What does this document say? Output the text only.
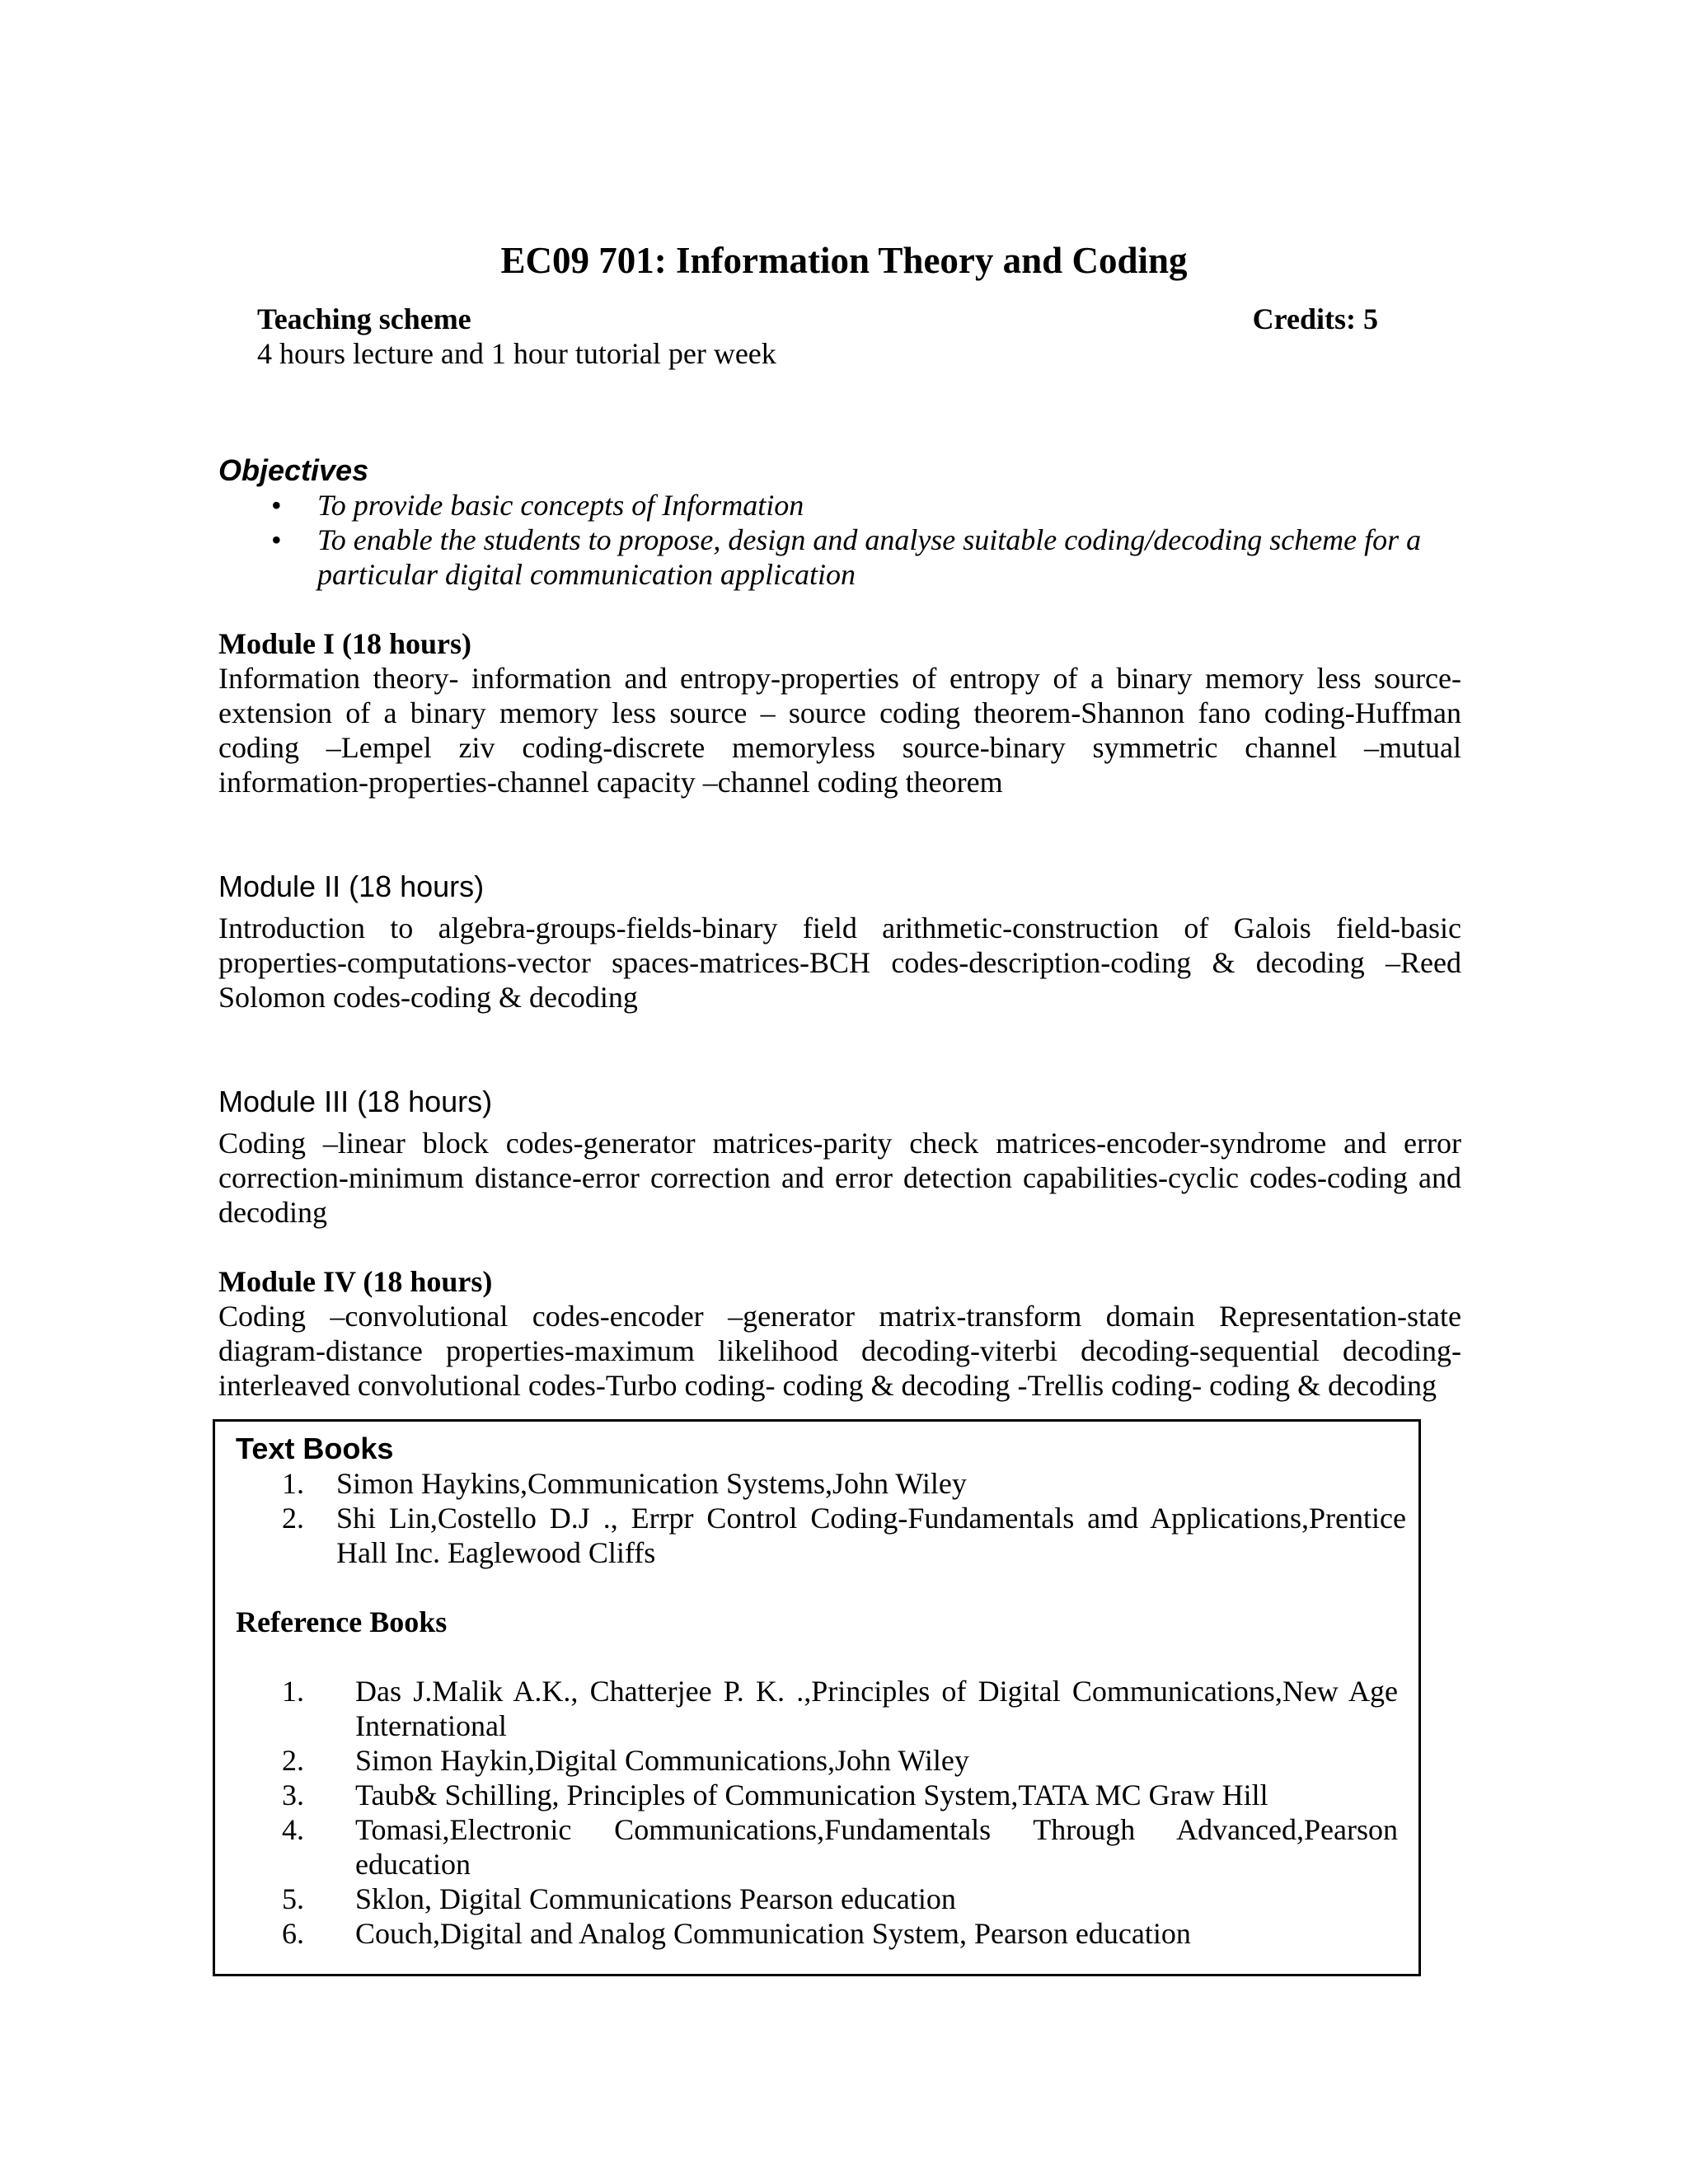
EC09 701: Information Theory and Coding
Teaching scheme	Credits: 5
4 hours lecture and 1 hour tutorial per week
Objectives
• To provide basic concepts of Information
• To enable the students to propose, design and analyse suitable coding/decoding scheme for a particular digital communication application
Module I (18 hours)
Information theory- information and entropy-properties of entropy of a binary memory less source-extension of a binary memory less source – source coding theorem-Shannon fano coding-Huffman coding –Lempel ziv coding-discrete memoryless source-binary symmetric channel –mutual information-properties-channel capacity –channel coding theorem
Module II (18 hours)
Introduction to algebra-groups-fields-binary field arithmetic-construction of Galois field-basic properties-computations-vector spaces-matrices-BCH codes-description-coding & decoding –Reed Solomon codes-coding & decoding
Module III (18 hours)
Coding –linear block codes-generator matrices-parity check matrices-encoder-syndrome and error correction-minimum distance-error correction and error detection capabilities-cyclic codes-coding and decoding
Module IV (18 hours)
Coding –convolutional codes-encoder –generator matrix-transform domain Representation-state diagram-distance properties-maximum likelihood decoding-viterbi decoding-sequential decoding-interleaved convolutional codes-Turbo coding- coding & decoding -Trellis coding- coding & decoding
Text Books
1. Simon Haykins,Communication Systems,John Wiley
2. Shi Lin,Costello D.J ., Errpr Control Coding-Fundamentals amd Applications,Prentice Hall Inc. Eaglewood Cliffs
Reference Books
1. Das J.Malik A.K., Chatterjee P. K. .,Principles of Digital Communications,New Age International
2. Simon Haykin,Digital Communications,John Wiley
3. Taub& Schilling, Principles of Communication System,TATA MC Graw Hill
4. Tomasi,Electronic Communications,Fundamentals Through Advanced,Pearson education
5. Sklon, Digital Communications Pearson education
6. Couch,Digital and Analog Communication System, Pearson education
